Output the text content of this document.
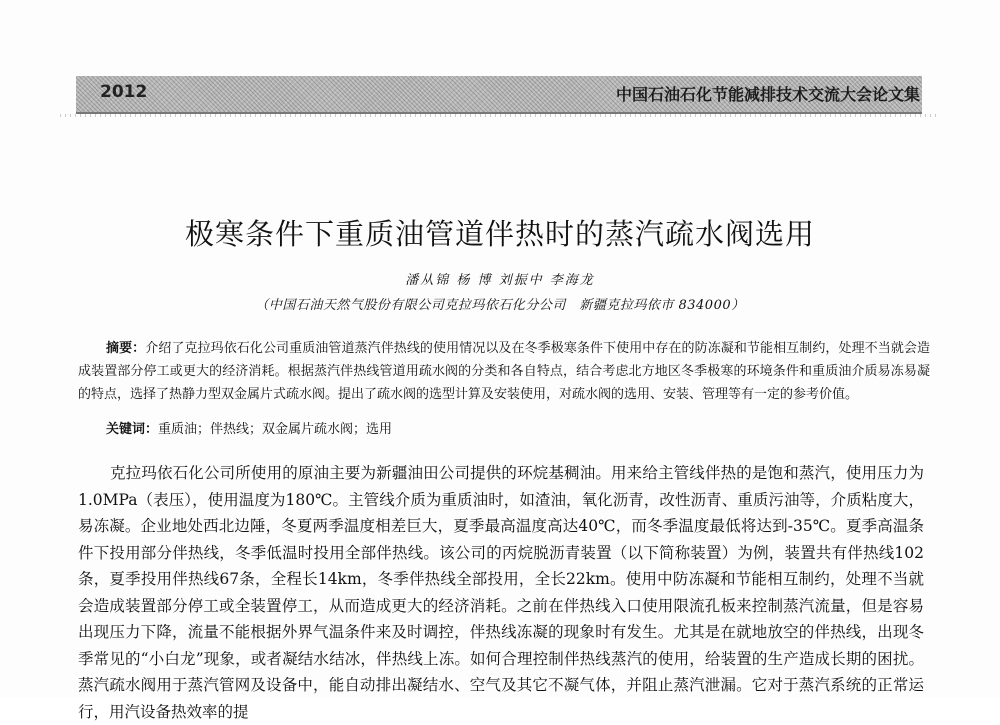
2012	中国石油石化节能减排技术交流大会论文集
极寒条件下重质油管道伴热时的蒸汽疏水阀选用
潘从锦 杨 博 刘振中 李海龙
（中国石油天然气股份有限公司克拉玛依石化分公司　新疆克拉玛依市 834000）
摘要：介绍了克拉玛依石化公司重质油管道蒸汽伴热线的使用情况以及在冬季极寒条件下使用中存在的防冻凝和节能相互制约，处理不当就会造成装置部分停工或更大的经济消耗。根据蒸汽伴热线管道用疏水阀的分类和各自特点，结合考虑北方地区冬季极寒的环境条件和重质油介质易冻易凝的特点，选择了热静力型双金属片式疏水阀。提出了疏水阀的选型计算及安装使用，对疏水阀的选用、安装、管理等有一定的参考价值。
关键词：重质油；伴热线；双金属片疏水阀；选用
克拉玛依石化公司所使用的原油主要为新疆油田公司提供的环烷基稠油。用来给主管线伴热的是饱和蒸汽，使用压力为1.0MPa（表压），使用温度为180℃。主管线介质为重质油时，如渣油，氧化沥青，改性沥青、重质污油等，介质粘度大，易冻凝。企业地处西北边陲，冬夏两季温度相差巨大，夏季最高温度高达40℃，而冬季温度最低将达到-35℃。夏季高温条件下投用部分伴热线，冬季低温时投用全部伴热线。该公司的丙烷脱沥青装置（以下简称装置）为例，装置共有伴热线102条，夏季投用伴热线67条，全程长14km，冬季伴热线全部投用，全长22km。使用中防冻凝和节能相互制约，处理不当就会造成装置部分停工或全装置停工，从而造成更大的经济消耗。之前在伴热线入口使用限流孔板来控制蒸汽流量，但是容易出现压力下降，流量不能根据外界气温条件来及时调控，伴热线冻凝的现象时有发生。尤其是在就地放空的伴热线，出现冬季常见的“小白龙”现象，或者凝结水结冰，伴热线上冻。如何合理控制伴热线蒸汽的使用，给装置的生产造成长期的困扰。蒸汽疏水阀用于蒸汽管网及设备中，能自动排出凝结水、空气及其它不凝气体，并阻止蒸汽泄漏。它对于蒸汽系统的正常运行，用汽设备热效率的提
